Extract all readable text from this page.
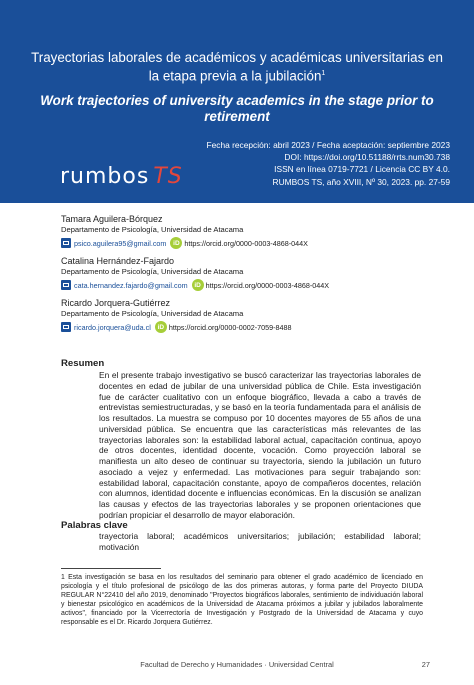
Trayectorias laborales de académicos y académicas universitarias en la etapa previa a la jubilación$^1$
Work trajectories of university academics in the stage prior to retirement
rumbos TS
Fecha recepción: abril 2023 / Fecha aceptación: septiembre 2023
DOI: https://doi.org/10.51188/rrts.num30.738
ISSN en línea 0719-7721 / Licencia CC BY 4.0.
RUMBOS TS, año XVIII, Nº 30, 2023. pp. 27-59
Tamara Aguilera-Bórquez
Departamento de Psicología, Universidad de Atacama
psico.aguilera95@gmail.com	iD https://orcid.org/0000-0003-4868-044X
Catalina Hernández-Fajardo
Departamento de Psicología, Universidad de Atacama
cata.hernandez.fajardo@gmail.com	iD https://orcid.org/0000-0003-4868-044X
Ricardo Jorquera-Gutiérrez
Departamento de Psicología, Universidad de Atacama
ricardo.jorquera@uda.cl	iD https://orcid.org/0000-0002-7059-8488
Resumen

En el presente trabajo investigativo se buscó caracterizar las trayectorias laborales de docentes en edad de jubilar de una universidad pública de Chile. Esta investigación fue de carácter cualitativo con un enfoque biográfico, llevada a cabo a través de entrevistas semiestructuradas, y se basó en la teoría fundamentada para el análisis de los resultados. La muestra se compuso por 10 docentes mayores de 55 años de una universidad pública. Se encuentra que las características más relevantes de las trayectorias laborales son: la estabilidad laboral actual, capacitación continua, apoyo de otros docentes, identidad docente, vocación. Como proyección laboral se manifiesta un alto deseo de continuar su trayectoria, siendo la jubilación un futuro asociado a vejez y enfermedad. Las motivaciones para seguir trabajando son: estabilidad laboral, capacitación constante, apoyo de compañeros docentes, relación con alumnos, identidad docente e influencias económicas. En la discusión se analizan las causas y efectos de las trayectorias laborales y se proponen orientaciones que podrían propiciar el desarrollo de mayor elaboración.

Palabras clave

trayectoria laboral; académicos universitarios; jubilación; estabilidad laboral; motivación

1 Esta investigación se basa en los resultados del seminario para obtener el grado académico de licenciado en psicología y el título profesional de psicólogo de las dos primeras autoras, y forma parte del Proyecto DIUDA REGULAR N°22410 del año 2019, denominado "Proyectos biográficos laborales, sentimiento de individuación laboral y bienestar psicológico en académicos de la Universidad de Atacama próximos a jubilar y jubilados laboralmente activos", financiado por la Vicerrectoría de Investigación y Postgrado de la Universidad de Atacama y cuyo responsable es el Dr. Ricardo Jorquera Gutiérrez.

Facultad de Derecho y Humanidades · Universidad Central	27
